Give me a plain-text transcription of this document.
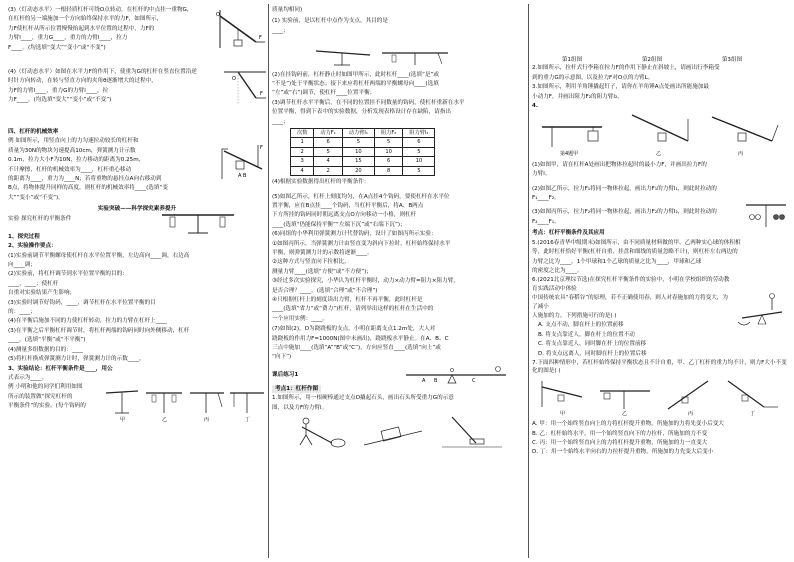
(3)（灯动态水平）一根轻质杠杆可绕O点转动，在杠杆的中点挂一重物G，

在杠杆的另一端施加一个方向始终保持水平的力F，如图所示，

力F使杠杆从所示位置慢慢抬起到水平位置的过程中，力F的

力臂l____，重力G____，重力的力臂l____，拉力

F____。(均选填“变大”“变小”或“不变”)

F
O

(4)（灯动态水平）如图在水平力F的作用下，使重为G的杠杆在竖直位置沿逆

时针方向转动，在转与竖直方向的夹角θ逐渐增大的过程中，

力F的力臂l____，重力G的力臂l____，拉

力F____。(均选填“变大”“变小”或“不变”)

F
O

四、杠杆的机械效率

例 如图所示，用竖直向上的力匀速拉动较长的杠杆和

质量为30N的物块匀速提高10cm，弹簧测力计示数

0.1m，拉力大小F为10N，拉力移动的距离为0.25m，

不计摩擦，杠杆的机械效率为____，杠杆重心移动

的距离为____，重力为____N；若将重物的悬挂点A向右移动到

B点，将物体提升同样的高度，则杠杆的机械效率将____(选填“变

大”“变小”或“不变”)。

F
A B

实验突破——科学探究素养提升

实验 探究杠杆的平衡条件

1、探究过程

2、实验操作要点：

(1)实验前调节平衡螺母使杠杆在水平位置平衡，左边高向____调，右边高

向____调；

(2)实验前，将杠杆调节到水平位置平衡的目的：

____，____；使杠杆

自重对实验结果产生影响；

(3)实验时调节好钩码，____，调节杠杆在水平位置平衡的目

的：____；

(4)在平衡后施加不同的力使杠杆转动，拉力的力臂在杠杆上____

(3)在平衡之后平衡杠杆调节时，将杠杆两端的钩码同时向外侧移动，杠杆

____。(选填“平衡”或“不平衡”)

(4)测量多组数据的目的：____

(5)将杠杆换成弹簧测力计时，弹簧测力计的示数____，

3、实验结论：杠杆平衡条件是____，用公

式表示为____。

例 小明和他的同学们利用如图

所示的装置做“探究杠杆的

平衡条件”的实验。(每个钩码的

甲	乙	丙	丁

质量均相同)

(1) 实验前，是以杠杆中点作为支点，其目的是

____；

(2)在挂钩码前，杠杆静止时如图甲所示，此时杠杆____(选填“是”或

“不是”)处于平衡状态；接下来应将杠杆两端的平衡螺母向____(选填

“左”或“右”)调节，使杠杆____位置平衡；

(3)调节杠杆水平平衡后，在不同的位置挂不同数量的钩码，使杠杆重新在水平

位置平衡，得到下表中的实验数据，分析发现表格设计存在缺陷，请指出

____；

次数	动力F₁	动力臂l₁	阻力F₂	阻力臂l₂
1	6	5	5	6
2	5	10	10	5
3	4	15	6	10
4	2	20	8	5

(4)根据实验数据得出杠杆的平衡条件：

(5)如图乙所示，杠杆上刻度均匀，在A点挂4个钩码，要使杠杆在水平位

置平衡，应在B点挂____个钩码，当杠杆平衡后，将A、B两点

下方所挂的钩码同时朝远离支点O方向移动一小格，则杠杆

____(选填“仍能保持平衡”“左端下沉”或“右端下沉”)；

(6)同组的小华利用弹簧测力计代替钩码，设计了如图丙所示实验：

①如图丙所示，当弹簧测力计由竖直变为斜向下拉时，杠杆始终保持水平

平衡，则弹簧测力计的示数将逐渐____。

②这种方式与竖直向下拉相比，

测量力臂____(选填“方便”或“不方便”)；

③经过多次实验探究，小华认为杠杆平衡时，动力×动力臂=阻力×阻力臂，

是否合理？____。(选填“合理”或“不合理”)

④只根据杠杆上的刻度读出力臂，杠杆不再平衡，此时杠杆是

____(选填“省力”或“费力”)杠杆，请列举出这样的杠杆在生活中的

一个应用实例：____。

(7)如图(2)，O为跷跷板的支点，小明在距离支点1.2m处，大人对

跷跷板的作用力F=1000N(图中未画出)，跷跷板水平静止。在A、B、C

三点中施加____(选填“A”“B”或“C”)，方向应竖直____(选填“向上”或

“向下”)

课后练习1

A B	C
O

考点1：杠杆作图

1.如图所示，用一根硬棒通过支点O撬起石头，画出石头所受重力G的示意

图，以及力F的力臂l。

第1组图	第2组图	第3组图

2.如图所示，拉杆式行李箱在拉力F的作用下静止在斜坡上，请画出行李箱受

到的重力G的示意图，以及拉力F对O点的力臂L。

3.如图所示，利用羊角锤撬起钉子，请你在羊角锤A点处画出所能施加最

小动力F，并画出阻力F₂的阻力臂l₂。

4.

第4题甲	乙	丙

(1)如图甲，请在杠杆A处画出把物体拉起时的最小力F，并画出拉力F的

力臂l。

(2)如图乙所示，拉力F₁将同一物体拉起，画出力F₁的力臂l₁，则此时拉动的

F₁____F₂。

(3)如图丙所示，拉力F₂将同一物体拉起，画出力F₂的力臂l₂，则此时拉动的

F₂____F₁。

考点：杠杆平衡条件及其应用

5.(2016春青华中级期末)如图所示，由不同质量材料做的甲、乙两种实心球的体积相

等，此时杠杆恰好平衡(杠杆自重、挂盘和细线的质量忽略不计)，则杠杆左右两边的

力臂之比为____，1个甲球和1个乙球的质量之比为____，甲球和乙球

的密度之比为____。

6.(2021北京理综节选)在探究杠杆平衡条件的实验中，小明在学校组织的劳动教育实践活动中体验

中国传统农具“春稻谷”的原理，若不正确使用春，则人对春施加的力将变大，为了减小

人施加的力，下列措施可行的是( )

A. 支点不动，脚在杆上的位置前移

B. 将支点靠近人，脚在杆上的位置不动

C. 将支点靠近人，同时脚在杆上的位置前移

D. 将支点远离人，同时脚在杆上的位置后移

7.下面四种情形中，若杠杆始终保持平衡状态且不计自重，甲、乙丁杠杆的重力均不计，则力F大小不变化的图是( )

甲	乙	丙	丁

A. 甲：用一个始终竖直向上的力将杠杆提升重物，所施加的力将先变小后变大

B. 乙：杠杆始终水平，用一个始终竖直向下的力拉杆，所施加的力不变

C. 丙：用一个始终竖直向上的力将杠杆提升重物，所施加的力一直变大

D. 丁：用一个始终水平向右的力拉杆提升重物，所施加的力先变大后变小
